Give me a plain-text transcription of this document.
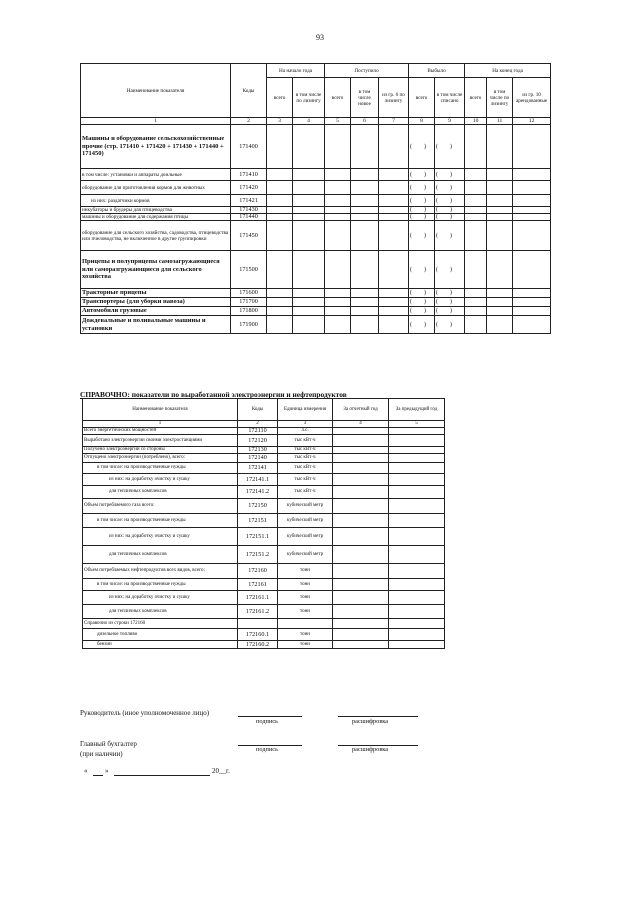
93
Наименование показателя	Коды	На начало года		Поступило			Выбыло		На конец года		
		всего	в том числе по лизингу	всего	в том числе новое	из гр. 6 по лизингу	всего	в том числе списано	всего	в том числе по лизингу	из гр. 10 арендованные
1	2	3	4	5	6	7	8	9	10	11	12
Машины и оборудование сельскохозяйственные прочие (стр. 171410 + 171420 + 171430 + 171440 + 171450)	171400						(        )	(        )			

в том числе: установки и аппараты доильные	171410						(        )	(        )			

оборудование для приготовления кормов для животных	171420						(        )	(        )			

из них: раздатчики кормов	171421						(        )	(        )			

инкубаторы и брудеры для птицеводства	171430						(        )	(        )			

машины и оборудование для содержания птицы	171440						(        )	(        )			

оборудование для сельского хозяйства, садоводства, птицеводства или пчеловодства, не включенное в другие группировки	171450						(        )	(        )			

Прицепы и полуприцепы самозагружающиеся или саморазгружающиеся для сельского хозяйства	171500						(        )	(        )			

Тракторные прицепы	171600						(        )	(        )			

Транспортеры (для уборки навоза)	171700						(        )	(        )			

Автомобили грузовые	171800						(        )	(        )			

Дождевальные и поливальные машины и установки	171900						(        )	(        )			

СПРАВОЧНО: показатели по выработанной электроэнергии и нефтепродуктов
Наименование показателя	Коды	Единица измерения	За отчетный год	За предыдущий год
1	2	3	4	5
Всего энергетических мощностей	172110	л.с.		
Выработано электроэнергии своими электростанциями	172120	тыс кВт·ч		
Получено электроэнергии со стороны	172130	тыс кВт·ч		
Отпущено электроэнергии (потреблено), всего:	172140	тыс кВт·ч		
в том числе: на производственные нужды	172141	тыс кВт·ч		
из них: на доработку очистку и сушку	172141.1	тыс кВт·ч		
для тепличных комплексов	172141.2	тыс кВт·ч		
Объем потребляемого газа всего:	172150	кубический метр		
в том числе: на производственные нужды	172151	кубический метр		
из них: на доработку очистку и сушку	172151.1	кубический метр		
для тепличных комплексов	172151.2	кубический метр		
Объем потребляемых нефтепродуктов всех видов, всего:	172160	тонн		
в том числе: на производственные нужды	172161	тонн		
из них: на доработку очистку и сушку	172161.1	тонн		
для тепличных комплексов	172161.2	тонн		
Справочно из строки 172160				
дизельное топливо	172160.1	тонн		
бензин	172160.2	тонн		
Руководитель (иное уполномоченное лицо)
подпись	расшифровка
Главный бухгалтер
(при наличии)
подпись	расшифровка
«	»	20__г.
